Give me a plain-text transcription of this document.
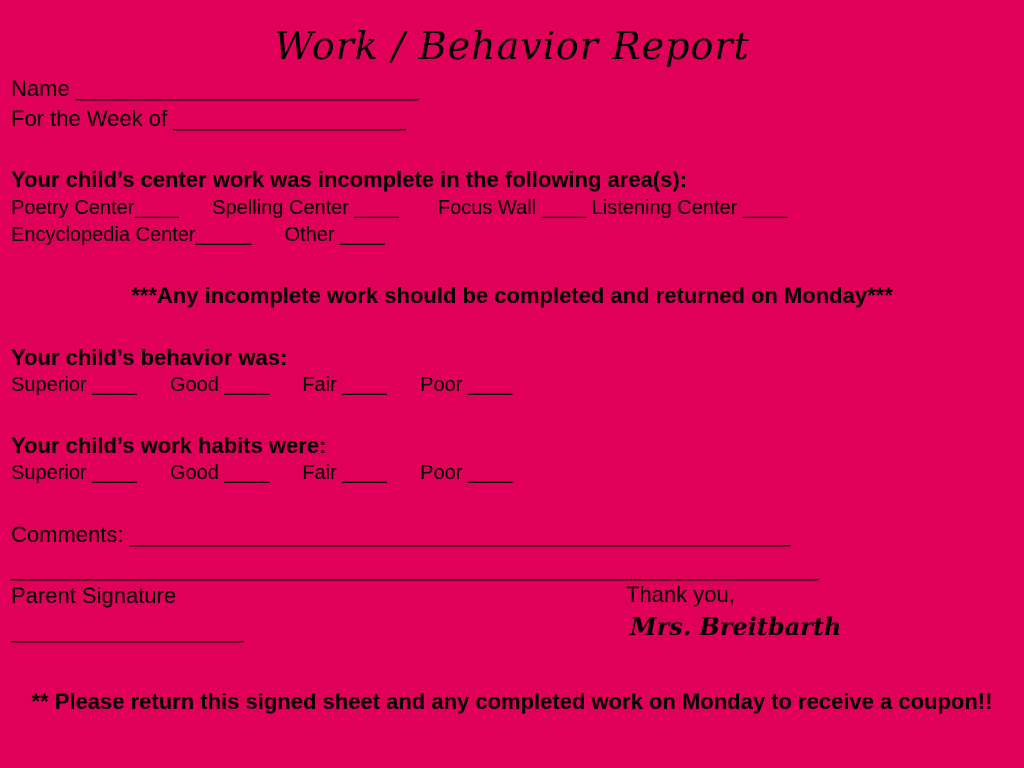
Work / Behavior Report
Name ____________________________
For the Week of ___________________
Your child’s center work was incomplete in the following area(s):
Poetry Center____      Spelling Center ____       Focus Wall ____ Listening Center ____
Encyclopedia Center_____      Other ____
***Any incomplete work should be completed and returned on Monday***
Your child’s behavior was:
Superior ____      Good ____      Fair ____      Poor ____
Your child’s work habits were:
Superior ____      Good ____      Fair ____      Poor ____
Comments: ______________________________________________________
__________________________________________________________________
Parent Signature
___________________
Thank you,
Mrs. Breitbarth
** Please return this signed sheet and any completed work on Monday to receive a coupon!!
